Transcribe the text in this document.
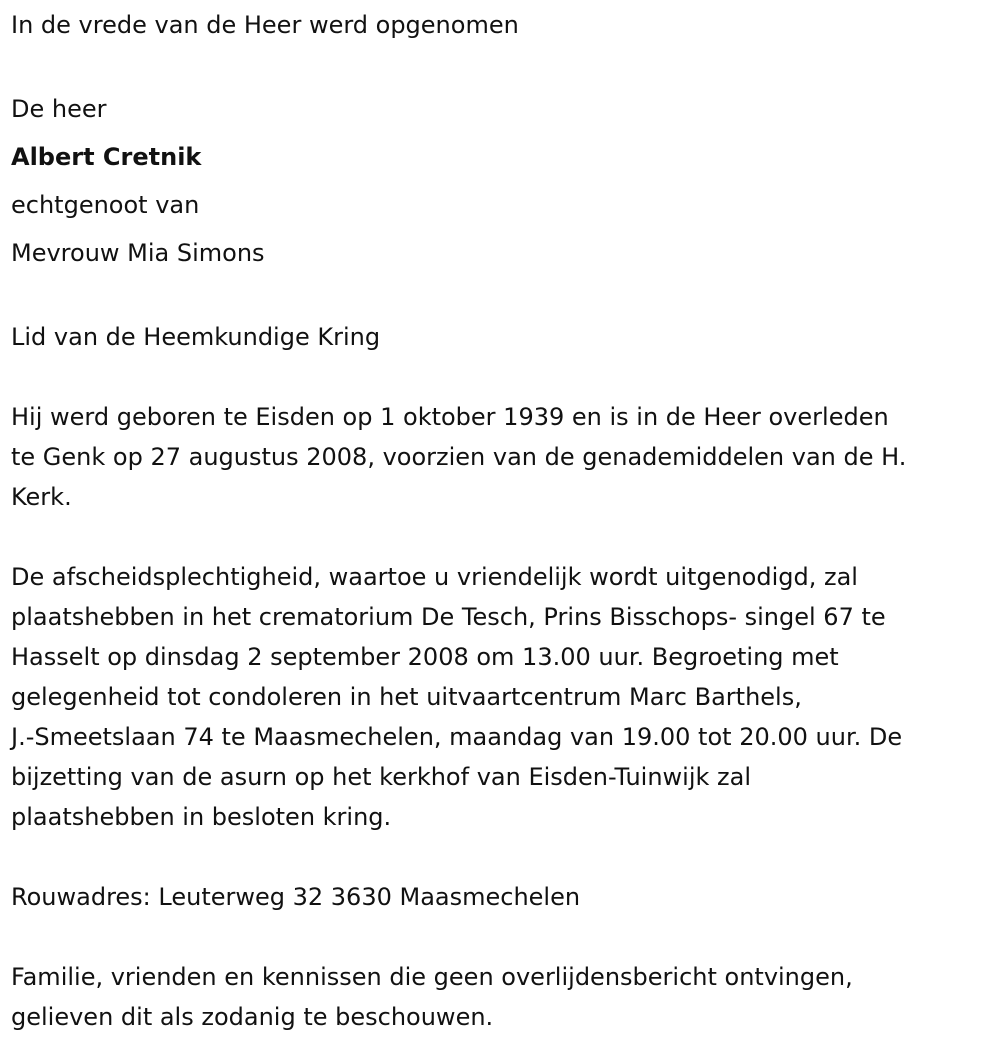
In de vrede van de Heer werd opgenomen

De heer

Albert Cretnik

echtgenoot van

Mevrouw Mia Simons

Lid van de Heemkundige Kring

Hij werd geboren te Eisden op 1 oktober 1939 en is in de Heer overleden
te Genk op 27 augustus 2008, voorzien van de genademiddelen van de H.
Kerk.
De afscheidsplechtigheid, waartoe u vriendelijk wordt uitgenodigd, zal
plaatshebben in het crematorium De Tesch, Prins Bisschops- singel 67 te
Hasselt op dinsdag 2 september 2008 om 13.00 uur. Begroeting met
gelegenheid tot condoleren in het uitvaartcentrum Marc Barthels,
J.-Smeetslaan 74 te Maasmechelen, maandag van 19.00 tot 20.00 uur. De
bijzetting van de asurn op het kerkhof van Eisden-Tuinwijk zal
plaatshebben in besloten kring.

Rouwadres: Leuterweg 32 3630 Maasmechelen

Familie, vrienden en kennissen die geen overlijdensbericht ontvingen,
gelieven dit als zodanig te beschouwen.
